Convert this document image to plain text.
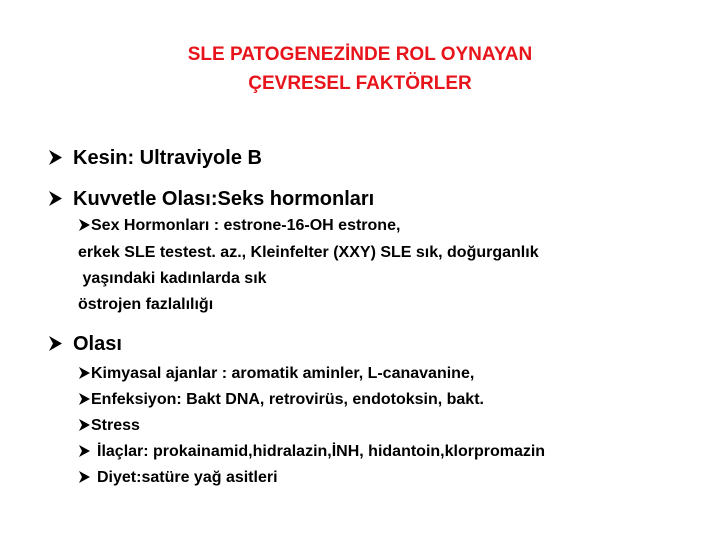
SLE PATOGENEZİNDE ROL OYNAYAN
ÇEVRESEL FAKTÖRLER
Kesin: Ultraviyole B
Kuvvetle Olası:Seks hormonları
Sex Hormonları : estrone-16-OH estrone,
erkek SLE testest. az., Kleinfelter (XXY) SLE sık, doğurganlık
yaşındaki kadınlarda sık
östrojen fazlalılığı
Olası
Kimyasal ajanlar : aromatik aminler, L-canavanine,
Enfeksiyon: Bakt DNA, retrovirüs, endotoksin, bakt.
Stress
İlaçlar: prokainamid,hidralazin,İNH, hidantoin,klorpromazin
Diyet:satüre yağ asitleri
